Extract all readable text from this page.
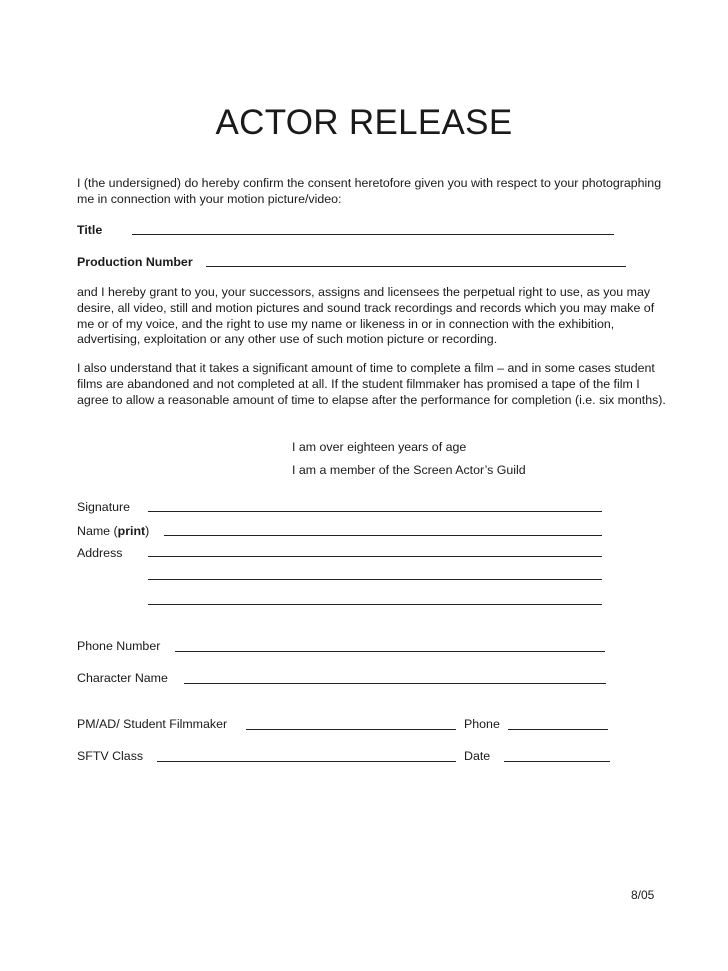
ACTOR RELEASE
I (the undersigned) do hereby confirm the consent heretofore given you with respect to your photographing me in connection with your motion picture/video:
Title
Production Number
and I hereby grant to you, your successors, assigns and licensees the perpetual right to use, as you may desire, all video, still and motion pictures and sound track recordings and records which you may make of me or of my voice, and the right to use my name or likeness in or in connection with the exhibition, advertising, exploitation or any other use of such motion picture or recording.
I also understand that it takes a significant amount of time to complete a film – and in some cases student films are abandoned and not completed at all. If the student filmmaker has promised a tape of the film I agree to allow a reasonable amount of time to elapse after the performance for completion (i.e. six months).
I am over eighteen years of age
I am a member of the Screen Actor’s Guild
Signature
Name (print)
Address
Phone Number
Character Name
PM/AD/ Student Filmmaker	Phone
SFTV Class	Date
8/05
